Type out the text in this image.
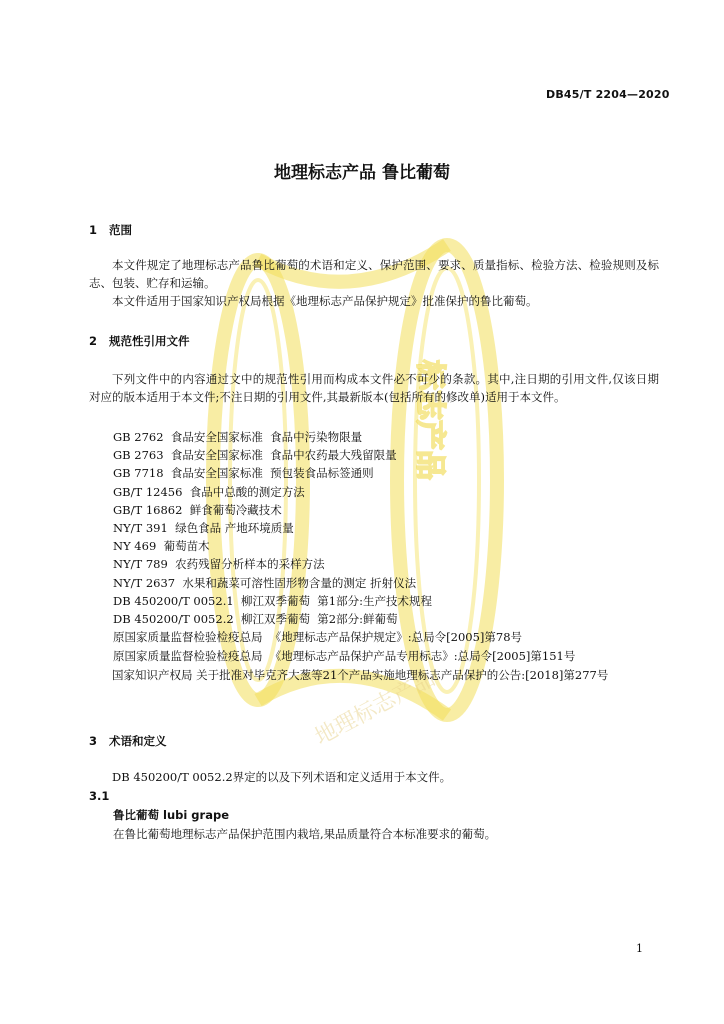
标志产品
地理标志产品
DB45/T 2204—2020
地理标志产品 鲁比葡萄
1 范围
本文件规定了地理标志产品鲁比葡萄的术语和定义、保护范围、要求、质量指标、检验方法、检验规则及标志、包装、贮存和运输。
本文件适用于国家知识产权局根据《地理标志产品保护规定》批准保护的鲁比葡萄。
2 规范性引用文件
下列文件中的内容通过文中的规范性引用而构成本文件必不可少的条款。其中,注日期的引用文件,仅该日期对应的版本适用于本文件;不注日期的引用文件,其最新版本(包括所有的修改单)适用于本文件。
GB 2762  食品安全国家标准  食品中污染物限量
GB 2763  食品安全国家标准  食品中农药最大残留限量
GB 7718  食品安全国家标准  预包装食品标签通则
GB/T 12456  食品中总酸的测定方法
GB/T 16862  鲜食葡萄冷藏技术
NY/T 391  绿色食品 产地环境质量
NY 469  葡萄苗木
NY/T 789  农药残留分析样本的采样方法
NY/T 2637  水果和蔬菜可溶性固形物含量的测定 折射仪法
DB 450200/T 0052.1  柳江双季葡萄  第1部分:生产技术规程
DB 450200/T 0052.2  柳江双季葡萄  第2部分:鲜葡萄
原国家质量监督检验检疫总局  《地理标志产品保护规定》:总局令[2005]第78号
原国家质量监督检验检疫总局  《地理标志产品保护产品专用标志》:总局令[2005]第151号
国家知识产权局 关于批准对毕克齐大葱等21个产品实施地理标志产品保护的公告:[2018]第277号
3 术语和定义
DB 450200/T 0052.2界定的以及下列术语和定义适用于本文件。
3.1
鲁比葡萄 lubi grape
在鲁比葡萄地理标志产品保护范围内栽培,果品质量符合本标准要求的葡萄。
1
